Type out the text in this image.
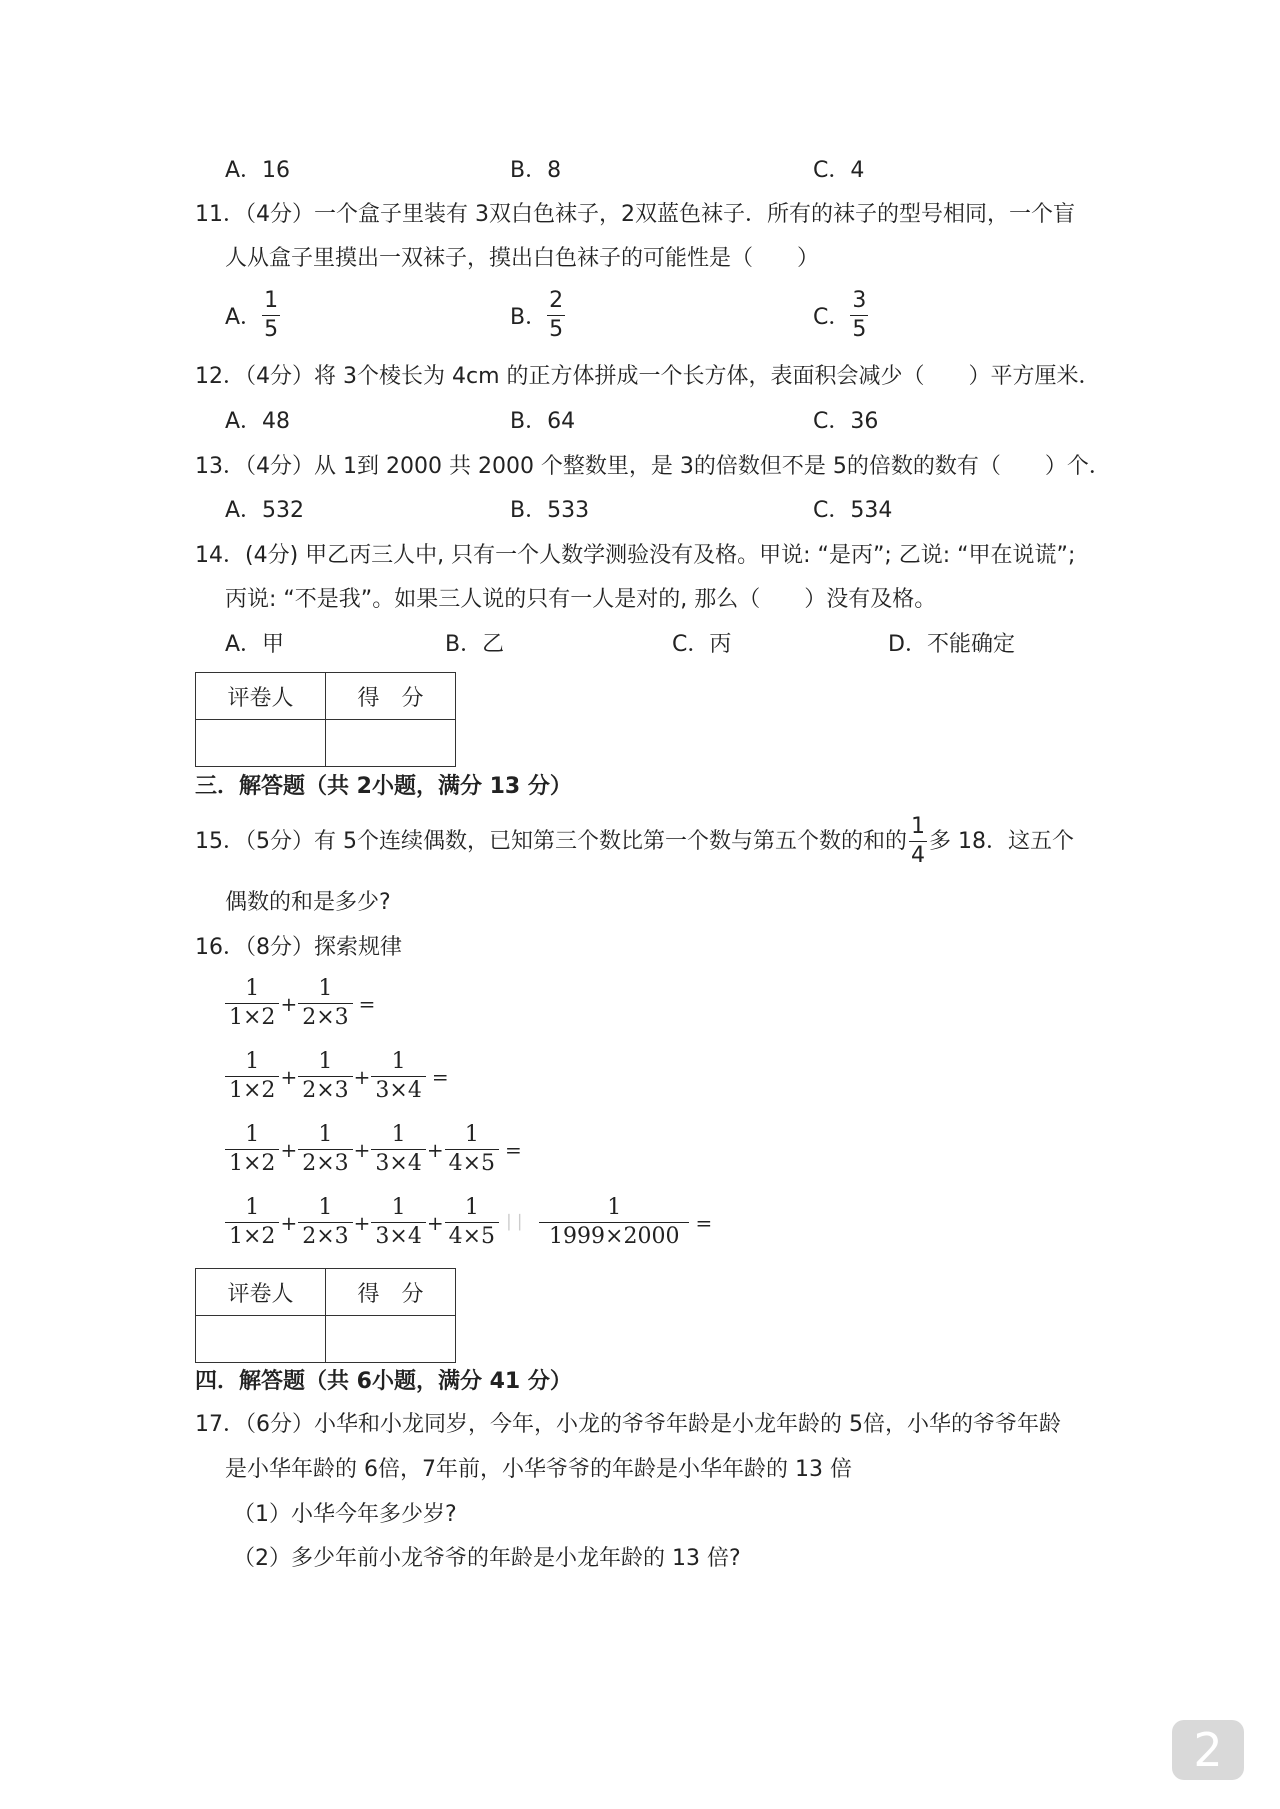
A．16	B．8	C．4
11．（4分）一个盒子里装有 3双白色袜子，2双蓝色袜子．所有的袜子的型号相同，一个盲
人从盒子里摸出一双袜子，摸出白色袜子的可能性是（　　）
A． $\frac{1}{5}$	B． $\frac{2}{5}$	C． $\frac{3}{5}$
12．（4分）将 3个棱长为 4cm 的正方体拼成一个长方体，表面积会减少（　　）平方厘米．
A．48	B．64	C．36
13．（4分）从 1到 2000 共 2000 个整数里，是 3的倍数但不是 5的倍数的数有（　　）个．
A．532	B．533	C．534
14．(4分) 甲乙丙三人中, 只有一个人数学测验没有及格。甲说: “是丙”; 乙说: “甲在说谎”;
丙说: “不是我”。如果三人说的只有一人是对的, 那么（　　）没有及格。
A．甲	B．乙	C．丙	D．不能确定
评卷人	得　分

三．解答题（共 2小题，满分 13 分）
15．（5分）有 5个连续偶数，已知第三个数比第一个数与第五个数的和的 $\frac{1}{4}$ 多 18．这五个
偶数的和是多少?
16．（8分）探索规律
$\frac{1}{1\times 2} + \frac{1}{2\times 3}$ =
$\frac{1}{1\times 2} + \frac{1}{2\times 3} + \frac{1}{3\times 4}$ =
$\frac{1}{1\times 2} + \frac{1}{2\times 3} + \frac{1}{3\times 4} + \frac{1}{4\times 5}$ =
$\frac{1}{1\times 2} + \frac{1}{2\times 3} + \frac{1}{3\times 4} + \frac{1}{4\times 5}$ ▏▏ $\frac{1}{1999\times 2000}$ =
评卷人	得　分

四．解答题（共 6小题，满分 41 分）
17．（6分）小华和小龙同岁，今年，小龙的爷爷年龄是小龙年龄的 5倍，小华的爷爷年龄
是小华年龄的 6倍，7年前，小华爷爷的年龄是小华年龄的 13 倍
（1）小华今年多少岁?
（2）多少年前小龙爷爷的年龄是小龙年龄的 13 倍?
2
